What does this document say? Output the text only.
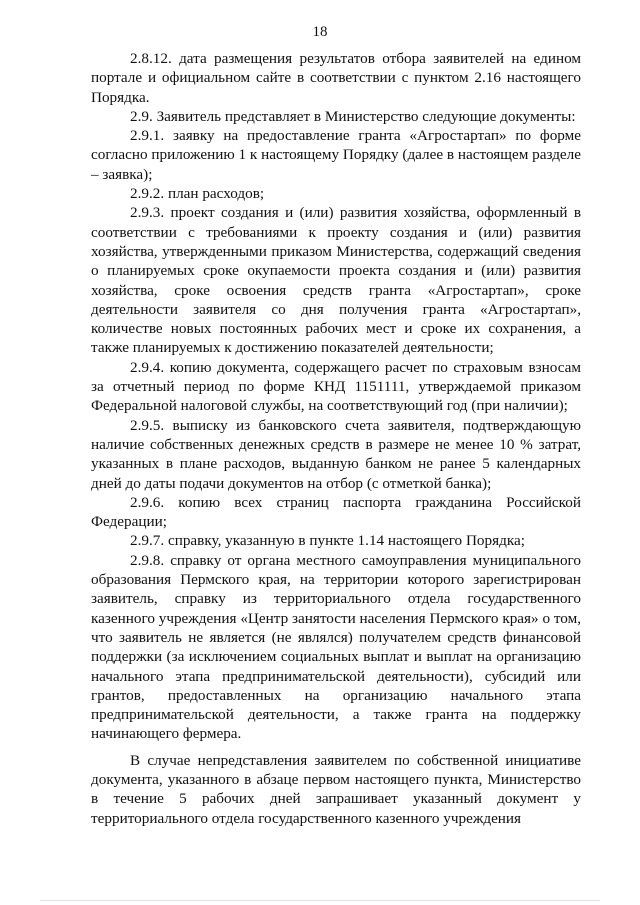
18

2.8.12. дата размещения результатов отбора заявителей на едином портале и официальном сайте в соответствии с пунктом 2.16 настоящего Порядка.

2.9. Заявитель представляет в Министерство следующие документы:

2.9.1. заявку на предоставление гранта «Агростартап» по форме согласно приложению 1 к настоящему Порядку (далее в настоящем разделе – заявка);

2.9.2. план расходов;

2.9.3. проект создания и (или) развития хозяйства, оформленный в соответствии с требованиями к проекту создания и (или) развития хозяйства, утвержденными приказом Министерства, содержащий сведения о планируемых сроке окупаемости проекта создания и (или) развития хозяйства, сроке освоения средств гранта «Агростартап», сроке деятельности заявителя со дня получения гранта «Агростартап», количестве новых постоянных рабочих мест и сроке их сохранения, а также планируемых к достижению показателей деятельности;

2.9.4. копию документа, содержащего расчет по страховым взносам за отчетный период по форме КНД 1151111, утверждаемой приказом Федеральной налоговой службы, на соответствующий год (при наличии);

2.9.5. выписку из банковского счета заявителя, подтверждающую наличие собственных денежных средств в размере не менее 10 % затрат, указанных в плане расходов, выданную банком не ранее 5 календарных дней до даты подачи документов на отбор (с отметкой банка);

2.9.6. копию всех страниц паспорта гражданина Российской Федерации;

2.9.7. справку, указанную в пункте 1.14 настоящего Порядка;

2.9.8. справку от органа местного самоуправления муниципального образования Пермского края, на территории которого зарегистрирован заявитель, справку из территориального отдела государственного казенного учреждения «Центр занятости населения Пермского края» о том, что заявитель не является (не являлся) получателем средств финансовой поддержки (за исключением социальных выплат и выплат на организацию начального этапа предпринимательской деятельности), субсидий или грантов, предоставленных на организацию начального этапа предпринимательской деятельности, а также гранта на поддержку начинающего фермера.

В случае непредставления заявителем по собственной инициативе документа, указанного в абзаце первом настоящего пункта, Министерство в течение 5 рабочих дней запрашивает указанный документ у территориального отдела государственного казенного учреждения
